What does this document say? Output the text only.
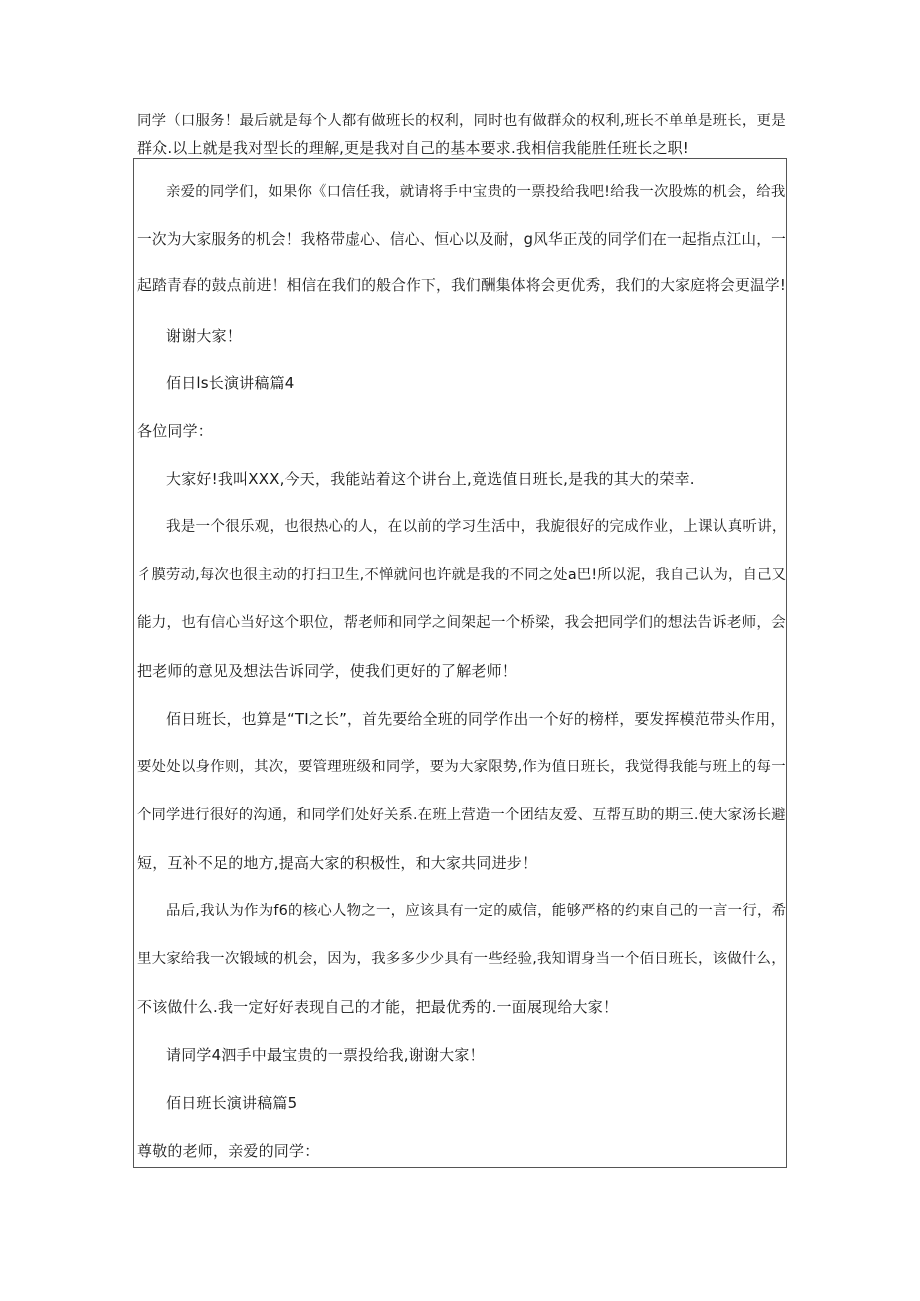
同学（口服务！最后就是每个人都有做班长的权利，同时也有做群众的权利,班长不单单是班长，更是
群众.以上就是我对型长的理解,更是我对自己的基本要求.我相信我能胜任班长之职!
亲爱的同学们，如果你《口信任我，就请将手中宝贵的一票投给我吧!给我一次股炼的机会，给我
一次为大家服务的机会！我格带虚心、信心、恒心以及耐，g风华正茂的同学们在一起指点江山，一
起踏青春的鼓点前进！相信在我们的般合作下，我们酬集体将会更优秀，我们的大家庭将会更温学!
谢谢大家！
佰日ls长演讲稿篇4
各位同学：
大家好!我叫XXX,今天，我能站着这个讲台上,竟选值日班长,是我的其大的荣幸.
我是一个很乐观，也很热心的人，在以前的学习生活中，我旎很好的完成作业，上课认真听讲，
彳膜劳动,每次也很主动的打扫卫生,不惮就问也许就是我的不同之处a巴!所以泥，我自己认为，自己又
能力，也有信心当好这个职位，帮老师和同学之间架起一个桥梁，我会把同学们的想法告诉老师，会
把老师的意见及想法告诉同学，使我们更好的了解老师！
佰日班长，也算是“TI之长”，首先要给全班的同学作出一个好的榜样，要发挥模范带头作用，
要处处以身作则，其次，要管理班级和同学，要为大家限势,作为值日班长，我觉得我能与班上的每一
个同学进行很好的沟通，和同学们处好关系.在班上营造一个团结友爱、互帮互助的期三.使大家汤长避
短，互补不足的地方,提高大家的积极性，和大家共同进步！
品后,我认为作为f6的核心人物之一，应该具有一定的威信，能够严格的约束自己的一言一行，希
里大家给我一次锻域的机会，因为，我多多少少具有一些经验,我知谓身当一个佰日班长，该做什么，
不该做什么.我一定好好表现自己的才能，把最优秀的.一面展现给大家！
请同学4泗手中最宝贵的一票投给我,谢谢大家！
佰日班长演讲稿篇5
尊敬的老师，亲爱的同学：
